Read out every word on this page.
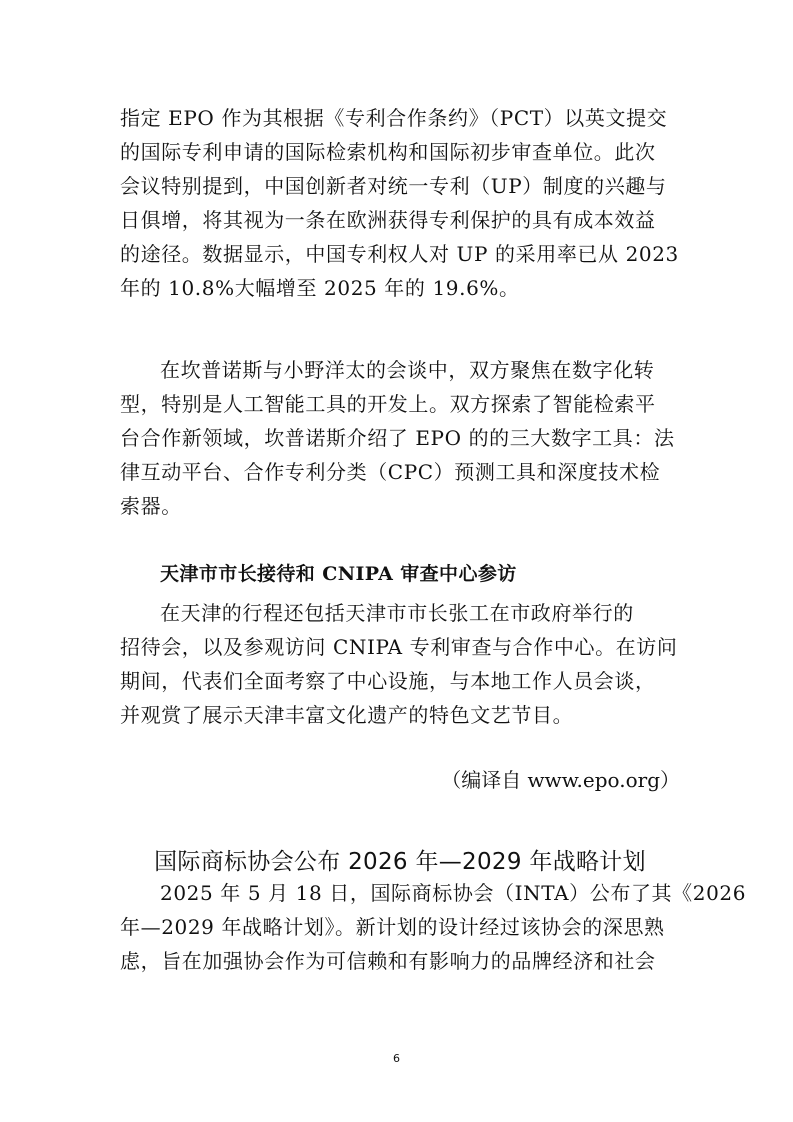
指定 EPO 作为其根据《专利合作条约》（PCT）以英文提交
的国际专利申请的国际检索机构和国际初步审查单位。此次
会议特别提到，中国创新者对统一专利（UP）制度的兴趣与
日俱增，将其视为一条在欧洲获得专利保护的具有成本效益
的途径。数据显示，中国专利权人对 UP 的采用率已从 2023
年的 10.8%大幅增至 2025 年的 19.6%。
在坎普诺斯与小野洋太的会谈中，双方聚焦在数字化转
型，特别是人工智能工具的开发上。双方探索了智能检索平
台合作新领域，坎普诺斯介绍了 EPO 的的三大数字工具：法
律互动平台、合作专利分类（CPC）预测工具和深度技术检
索器。
天津市市长接待和 CNIPA 审查中心参访
在天津的行程还包括天津市市长张工在市政府举行的
招待会，以及参观访问 CNIPA 专利审查与合作中心。在访问
期间，代表们全面考察了中心设施，与本地工作人员会谈，
并观赏了展示天津丰富文化遗产的特色文艺节目。
（编译自 www.epo.org）
国际商标协会公布 2026 年—2029 年战略计划
2025 年 5 月 18 日，国际商标协会（INTA）公布了其《2026
年—2029 年战略计划》。新计划的设计经过该协会的深思熟
虑，旨在加强协会作为可信赖和有影响力的品牌经济和社会
6
